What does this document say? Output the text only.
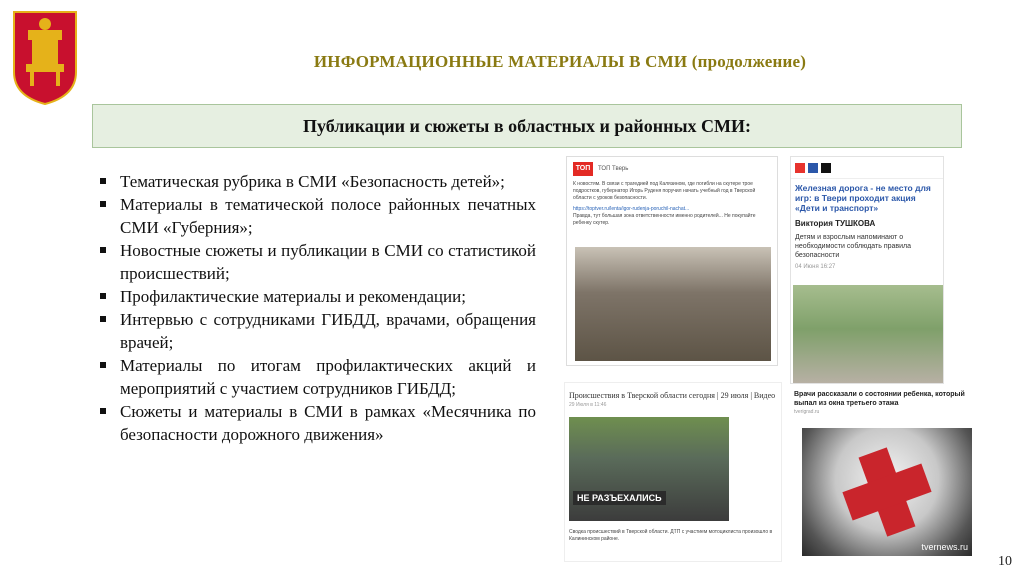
ИНФОРМАЦИОННЫЕ МАТЕРИАЛЫ В СМИ (продолжение)
Публикации и сюжеты в областных и районных СМИ:
Тематическая рубрика в СМИ «Безопасность детей»;
Материалы в тематической полосе районных печатных СМИ «Губерния»;
Новостные сюжеты и публикации в СМИ со статистикой происшествий;
Профилактические материалы и рекомендации;
Интервью с сотрудниками ГИБДД, врачами, обращения врачей;
Материалы по итогам профилактических акций и мероприятий с участием сотрудников ГИБДД;
Сюжеты и материалы в СМИ в рамках «Месячника по безопасности дорожного движения»
ТОП	ТОП Тверь
К новостям. В связи с трагедией под Калязином, где погибли на скутере трое подростков, губернатор Игорь Руденя поручил начать учебный год в Тверской области с уроков безопасности.
https://toptver.ru/lenta/igor-rudenja-poruchil-nachat...
Правда, тут большая зона ответственности именно родителей... Не покупайте ребенку скутер.
Железная дорога - не место для игр: в Твери проходит акция «Дети и транспорт»
Виктория ТУШКОВА
Детям и взрослым напоминают о необходимости соблюдать правила безопасности
04 Июня 16:27
Врачи рассказали о состоянии ребенка, который выпал из окна третьего этажа
tverigrad.ru
tvernews.ru
Происшествия в Тверской области сегодня | 29 июля | Видео
29 Июля в 11:46
НЕ РАЗЪЕХАЛИСЬ
Сводка происшествий в Тверской области. ДТП с участием мотоциклиста произошло в Калининском районе.
10
